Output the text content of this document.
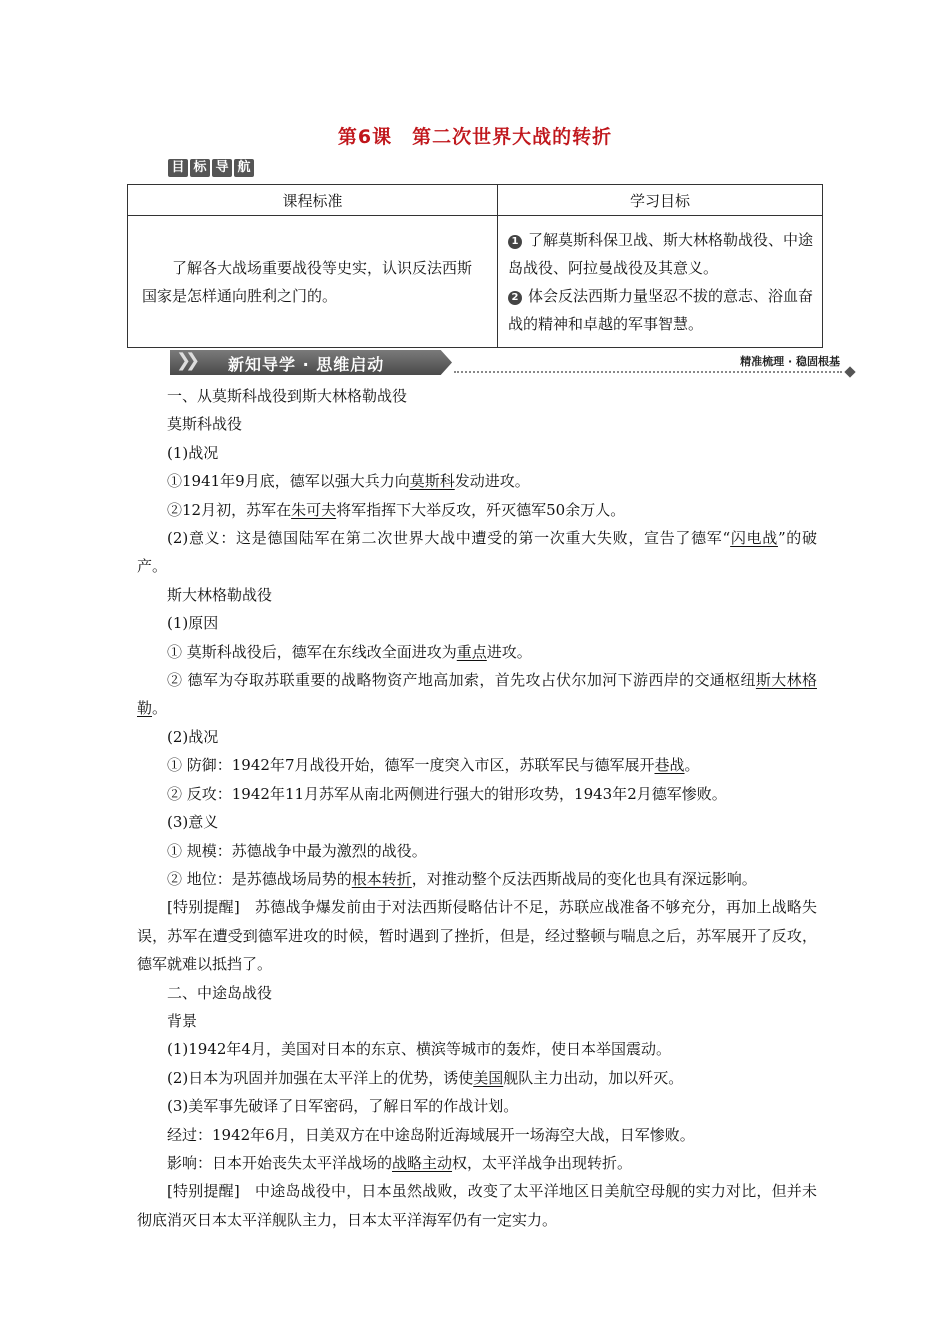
第6课 第二次世界大战的转折
目 标 导 航
课程标准	学习目标
了解各大战场重要战役等史实，认识反法西斯国家是怎样通向胜利之门的。	1 了解莫斯科保卫战、斯大林格勒战役、中途岛战役、阿拉曼战役及其意义。
2 体会反法西斯力量坚忍不拔的意志、浴血奋战的精神和卓越的军事智慧。
❯❯ 新知导学 · 思维启动	精准梳理 · 稳固根基

一、从莫斯科战役到斯大林格勒战役

莫斯科战役

(1)战况

①1941年9月底，德军以强大兵力向莫斯科发动进攻。

②12月初，苏军在朱可夫将军指挥下大举反攻，歼灭德军50余万人。

(2)意义：这是德国陆军在第二次世界大战中遭受的第一次重大失败，宣告了德军“闪电战”的破产。

斯大林格勒战役

(1)原因

① 莫斯科战役后，德军在东线改全面进攻为重点进攻。

② 德军为夺取苏联重要的战略物资产地高加索，首先攻占伏尔加河下游西岸的交通枢纽斯大林格勒。

(2)战况

① 防御：1942年7月战役开始，德军一度突入市区，苏联军民与德军展开巷战。

② 反攻：1942年11月苏军从南北两侧进行强大的钳形攻势，1943年2月德军惨败。

(3)意义

① 规模：苏德战争中最为激烈的战役。

② 地位：是苏德战场局势的根本转折，对推动整个反法西斯战局的变化也具有深远影响。

[特别提醒]　苏德战争爆发前由于对法西斯侵略估计不足，苏联应战准备不够充分，再加上战略失误，苏军在遭受到德军进攻的时候，暂时遇到了挫折，但是，经过整顿与喘息之后，苏军展开了反攻，德军就难以抵挡了。

二、中途岛战役

背景

(1)1942年4月，美国对日本的东京、横滨等城市的轰炸，使日本举国震动。

(2)日本为巩固并加强在太平洋上的优势，诱使美国舰队主力出动，加以歼灭。

(3)美军事先破译了日军密码，了解日军的作战计划。

经过：1942年6月，日美双方在中途岛附近海域展开一场海空大战，日军惨败。

影响：日本开始丧失太平洋战场的战略主动权，太平洋战争出现转折。

[特别提醒]　中途岛战役中，日本虽然战败，改变了太平洋地区日美航空母舰的实力对比，但并未彻底消灭日本太平洋舰队主力，日本太平洋海军仍有一定实力。
